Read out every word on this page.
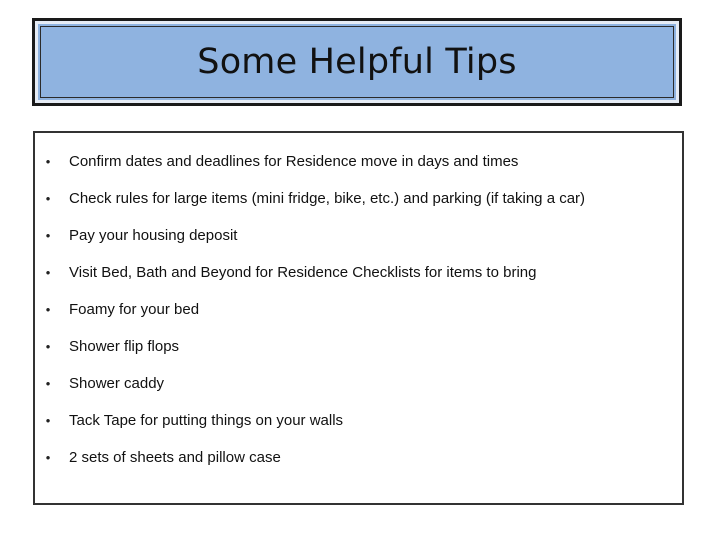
Some Helpful Tips
• Confirm dates and deadlines for Residence move in days and times
• Check rules for large items (mini fridge, bike, etc.) and parking (if taking a car)
• Pay your housing deposit
• Visit Bed, Bath and Beyond for Residence Checklists for items to bring
• Foamy for your bed
• Shower flip flops
• Shower caddy
• Tack Tape for putting things on your walls
• 2 sets of sheets and pillow case
